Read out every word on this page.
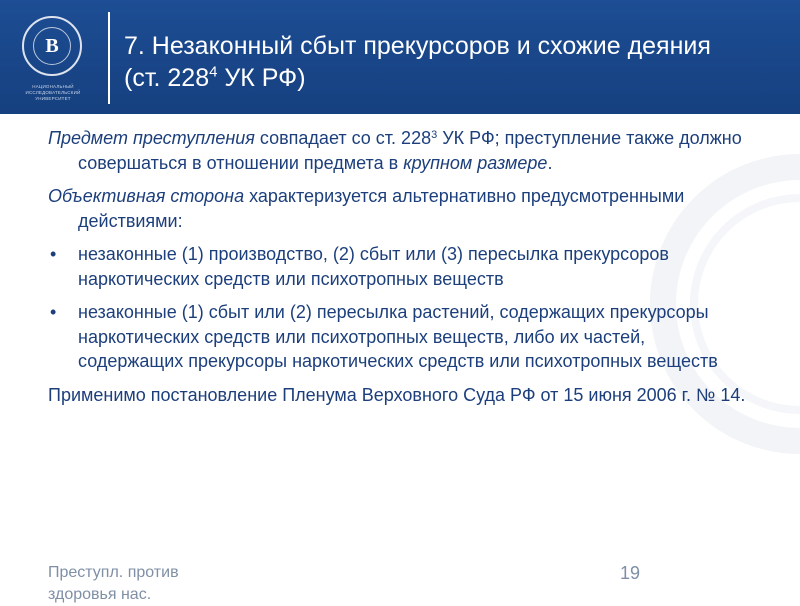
В
НАЦИОНАЛЬНЫЙ ИССЛЕДОВАТЕЛЬСКИЙ УНИВЕРСИТЕТ
7. Незаконный сбыт прекурсоров и схожие деяния
(ст. $228^4$ УК РФ)

Предмет преступления совпадает со ст. $228^3$ УК РФ; преступление также должно совершаться в отношении предмета в крупном размере.

Объективная сторона характеризуется альтернативно предусмотренными действиями:

• незаконные (1) производство, (2) сбыт или (3) пересылка прекурсоров наркотических средств или психотропных веществ
• незаконные (1) сбыт или (2) пересылка растений, содержащих прекурсоры наркотических средств или психотропных веществ, либо их частей, содержащих прекурсоры наркотических средств или психотропных веществ

Применимо постановление Пленума Верховного Суда РФ от 15 июня 2006 г. № 14.

Преступл. против здоровья нас.
19
